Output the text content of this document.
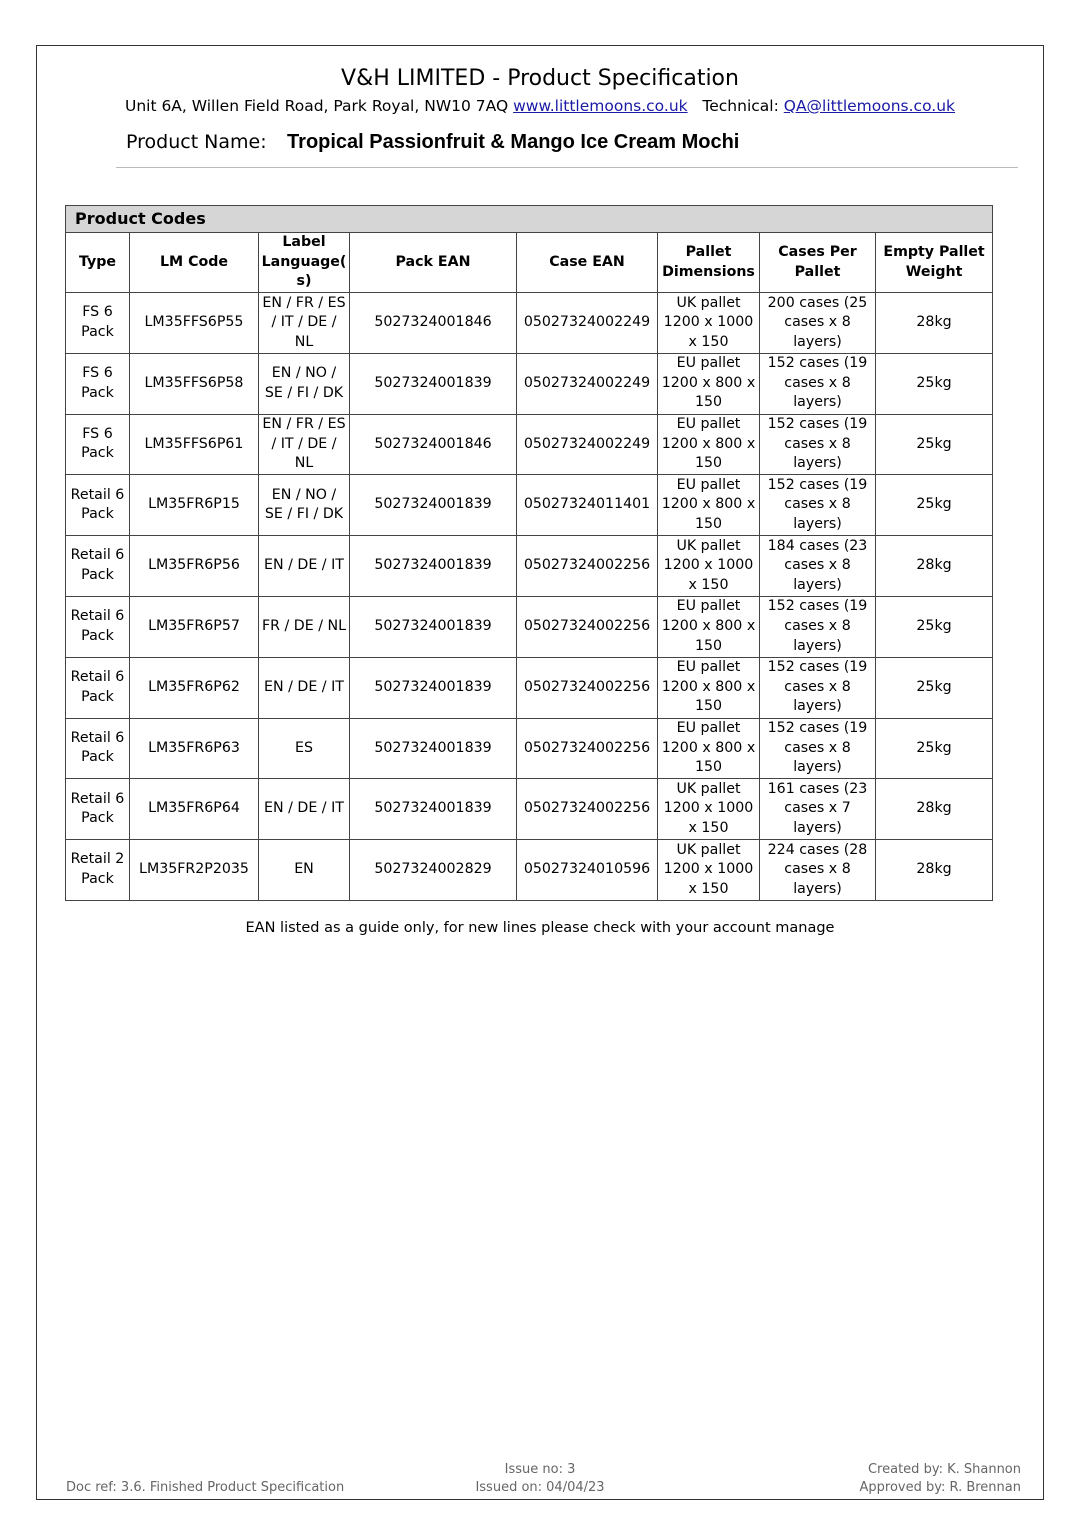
V&H LIMITED - Product Specification
Unit 6A, Willen Field Road, Park Royal, NW10 7AQ www.littlemoons.co.uk Technical: QA@littlemoons.co.uk
Product Name: Tropical Passionfruit & Mango Ice Cream Mochi
Product Codes							
Type	LM Code	Label Language( s)	Pack EAN	Case EAN	Pallet Dimensions	Cases Per Pallet	Empty Pallet Weight
FS 6 Pack	LM35FFS6P55	EN / FR / ES / IT / DE / NL	5027324001846	05027324002249	UK pallet 1200 x 1000 x 150	200 cases (25 cases x 8 layers)	28kg
FS 6 Pack	LM35FFS6P58	EN / NO / SE / FI / DK	5027324001839	05027324002249	EU pallet 1200 x 800 x 150	152 cases (19 cases x 8 layers)	25kg
FS 6 Pack	LM35FFS6P61	EN / FR / ES / IT / DE / NL	5027324001846	05027324002249	EU pallet 1200 x 800 x 150	152 cases (19 cases x 8 layers)	25kg
Retail 6 Pack	LM35FR6P15	EN / NO / SE / FI / DK	5027324001839	05027324011401	EU pallet 1200 x 800 x 150	152 cases (19 cases x 8 layers)	25kg
Retail 6 Pack	LM35FR6P56	EN / DE / IT	5027324001839	05027324002256	UK pallet 1200 x 1000 x 150	184 cases (23 cases x 8 layers)	28kg
Retail 6 Pack	LM35FR6P57	FR / DE / NL	5027324001839	05027324002256	EU pallet 1200 x 800 x 150	152 cases (19 cases x 8 layers)	25kg
Retail 6 Pack	LM35FR6P62	EN / DE / IT	5027324001839	05027324002256	EU pallet 1200 x 800 x 150	152 cases (19 cases x 8 layers)	25kg
Retail 6 Pack	LM35FR6P63	ES	5027324001839	05027324002256	EU pallet 1200 x 800 x 150	152 cases (19 cases x 8 layers)	25kg
Retail 6 Pack	LM35FR6P64	EN / DE / IT	5027324001839	05027324002256	UK pallet 1200 x 1000 x 150	161 cases (23 cases x 7 layers)	28kg
Retail 2 Pack	LM35FR2P2035	EN	5027324002829	05027324010596	UK pallet 1200 x 1000 x 150	224 cases (28 cases x 8 layers)	28kg
EAN listed as a guide only, for new lines please check with your account manage
Doc ref: 3.6. Finished Product Specification
Issue no: 3
Issued on: 04/04/23
Created by: K. Shannon
Approved by: R. Brennan
